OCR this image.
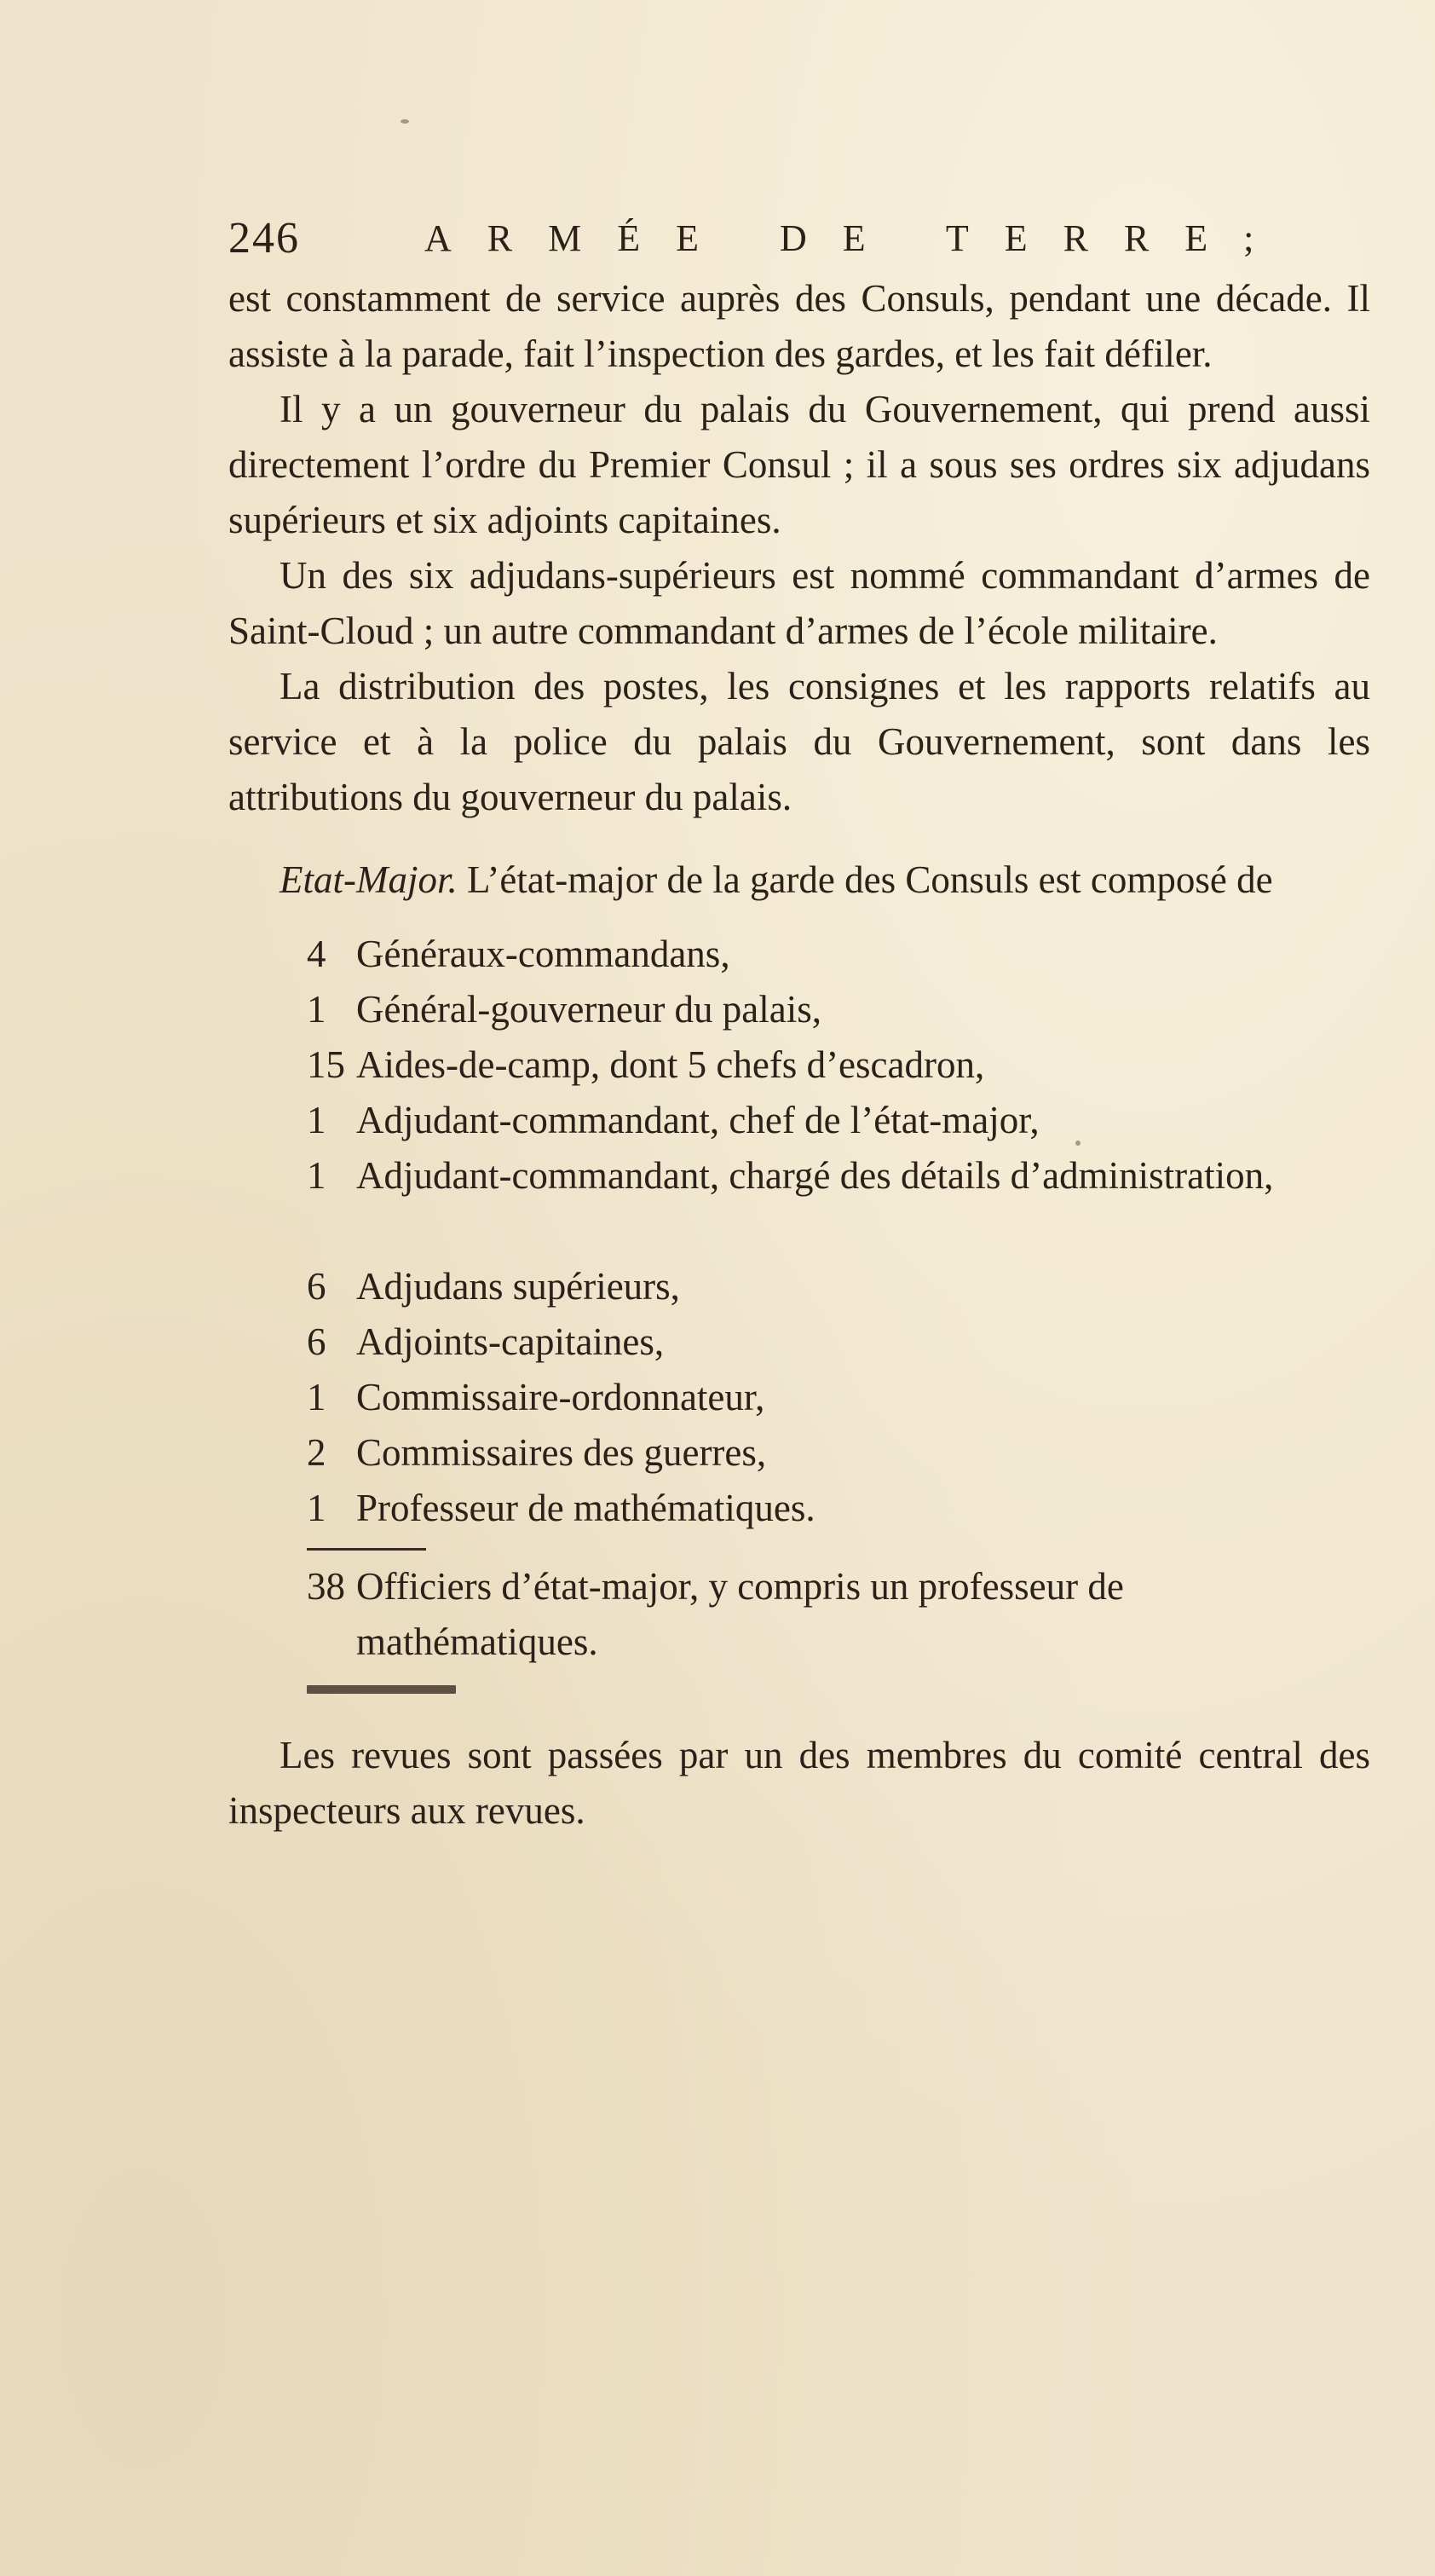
246	ARMÉE DE TERRE;

est constamment de service auprès des Consuls, pendant une décade. Il assiste à la parade, fait l’inspection des gardes, et les fait défiler.

Il y a un gouverneur du palais du Gouvernement, qui prend aussi directement l’ordre du Premier Consul ; il a sous ses ordres six adjudans supérieurs et six adjoints capitaines.

Un des six adjudans-supérieurs est nommé commandant d’armes de Saint-Cloud ; un autre commandant d’armes de l’école militaire.

La distribution des postes, les consignes et les rapports relatifs au service et à la police du palais du Gouvernement, sont dans les attributions du gouverneur du palais.

Etat-Major. L’état-major de la garde des Consuls est composé de

4 Généraux-commandans,
1 Général-gouverneur du palais,
15 Aides-de-camp, dont 5 chefs d’escadron,
1 Adjudant-commandant, chef de l’état-major,
1 Adjudant-commandant, chargé des détails d’administration,
6 Adjudans supérieurs,
6 Adjoints-capitaines,
1 Commissaire-ordonnateur,
2 Commissaires des guerres,
1 Professeur de mathématiques.
38 Officiers d’état-major, y compris un professeur de mathématiques.

Les revues sont passées par un des membres du comité central des inspecteurs aux revues.
